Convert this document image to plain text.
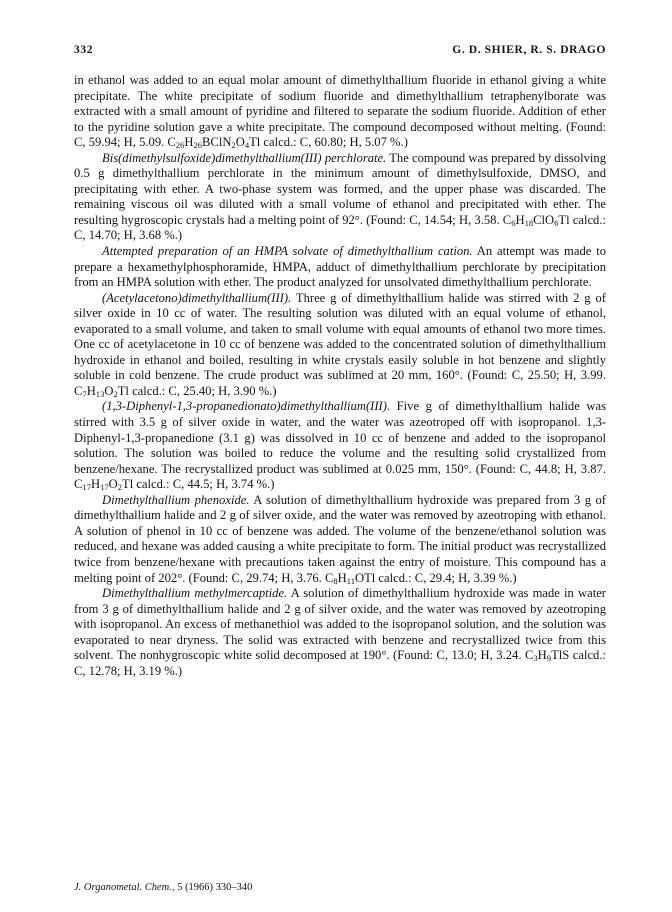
332	G. D. SHIER, R. S. DRAGO

in ethanol was added to an equal molar amount of dimethylthallium fluoride in ethanol giving a white precipitate. The white precipitate of sodium fluoride and dimethylthallium tetraphenylborate was extracted with a small amount of pyridine and filtered to separate the sodium fluoride. Addition of ether to the pyridine solution gave a white precipitate. The compound decomposed without melting. (Found: C, 59.94; H, 5.09. $C_{26}H_{26}BClN_2O_4Tl$ calcd.: C, 60.80; H, 5.07 %.)

Bis(dimethylsulfoxide)dimethylthallium(III) perchlorate. The compound was prepared by dissolving 0.5 g dimethylthallium perchlorate in the minimum amount of dimethylsulfoxide, DMSO, and precipitating with ether. A two-phase system was formed, and the upper phase was discarded. The remaining viscous oil was diluted with a small volume of ethanol and precipitated with ether. The resulting hygroscopic crystals had a melting point of 92°. (Found: C, 14.54; H, 3.58. $C_6H_{18}ClO_6Tl$ calcd.: C, 14.70; H, 3.68 %.)

Attempted preparation of an HMPA solvate of dimethylthallium cation. An attempt was made to prepare a hexamethylphosphoramide, HMPA, adduct of dimethylthallium perchlorate by precipitation from an HMPA solution with ether. The product analyzed for unsolvated dimethylthallium perchlorate.

(Acetylacetono)dimethylthallium(III). Three g of dimethylthallium halide was stirred with 2 g of silver oxide in 10 cc of water. The resulting solution was diluted with an equal volume of ethanol, evaporated to a small volume, and taken to small volume with equal amounts of ethanol two more times. One cc of acetylacetone in 10 cc of benzene was added to the concentrated solution of dimethylthallium hydroxide in ethanol and boiled, resulting in white crystals easily soluble in hot benzene and slightly soluble in cold benzene. The crude product was sublimed at 20 mm, 160°. (Found: C, 25.50; H, 3.99. $C_7H_{13}O_2Tl$ calcd.: C, 25.40; H, 3.90 %.)

(1,3-Diphenyl-1,3-propanedionato)dimethylthallium(III). Five g of dimethylthallium halide was stirred with 3.5 g of silver oxide in water, and the water was azeotroped off with isopropanol. 1,3-Diphenyl-1,3-propanedione (3.1 g) was dissolved in 10 cc of benzene and added to the isopropanol solution. The solution was boiled to reduce the volume and the resulting solid crystallized from benzene/hexane. The recrystallized product was sublimed at 0.025 mm, 150°. (Found: C, 44.8; H, 3.87. $C_{17}H_{17}O_2Tl$ calcd.: C, 44.5; H, 3.74 %.)

Dimethylthallium phenoxide. A solution of dimethylthallium hydroxide was prepared from 3 g of dimethylthallium halide and 2 g of silver oxide, and the water was removed by azeotroping with ethanol. A solution of phenol in 10 cc of benzene was added. The volume of the benzene/ethanol solution was reduced, and hexane was added causing a white precipitate to form. The initial product was recrystallized twice from benzene/hexane with precautions taken against the entry of moisture. This compound has a melting point of 202°. (Found: C, 29.74; H, 3.76. $C_8H_{11}OTl$ calcd.: C, 29.4; H, 3.39 %.)

Dimethylthallium methylmercaptide. A solution of dimethylthallium hydroxide was made in water from 3 g of dimethylthallium halide and 2 g of silver oxide, and the water was removed by azeotroping with isopropanol. An excess of methanethiol was added to the isopropanol solution, and the solution was evaporated to near dryness. The solid was extracted with benzene and recrystallized twice from this solvent. The nonhygroscopic white solid decomposed at 190°. (Found: C, 13.0; H, 3.24. $C_3H_9TlS$ calcd.: C, 12.78; H, 3.19 %.)

J. Organometal. Chem., 5 (1966) 330–340
